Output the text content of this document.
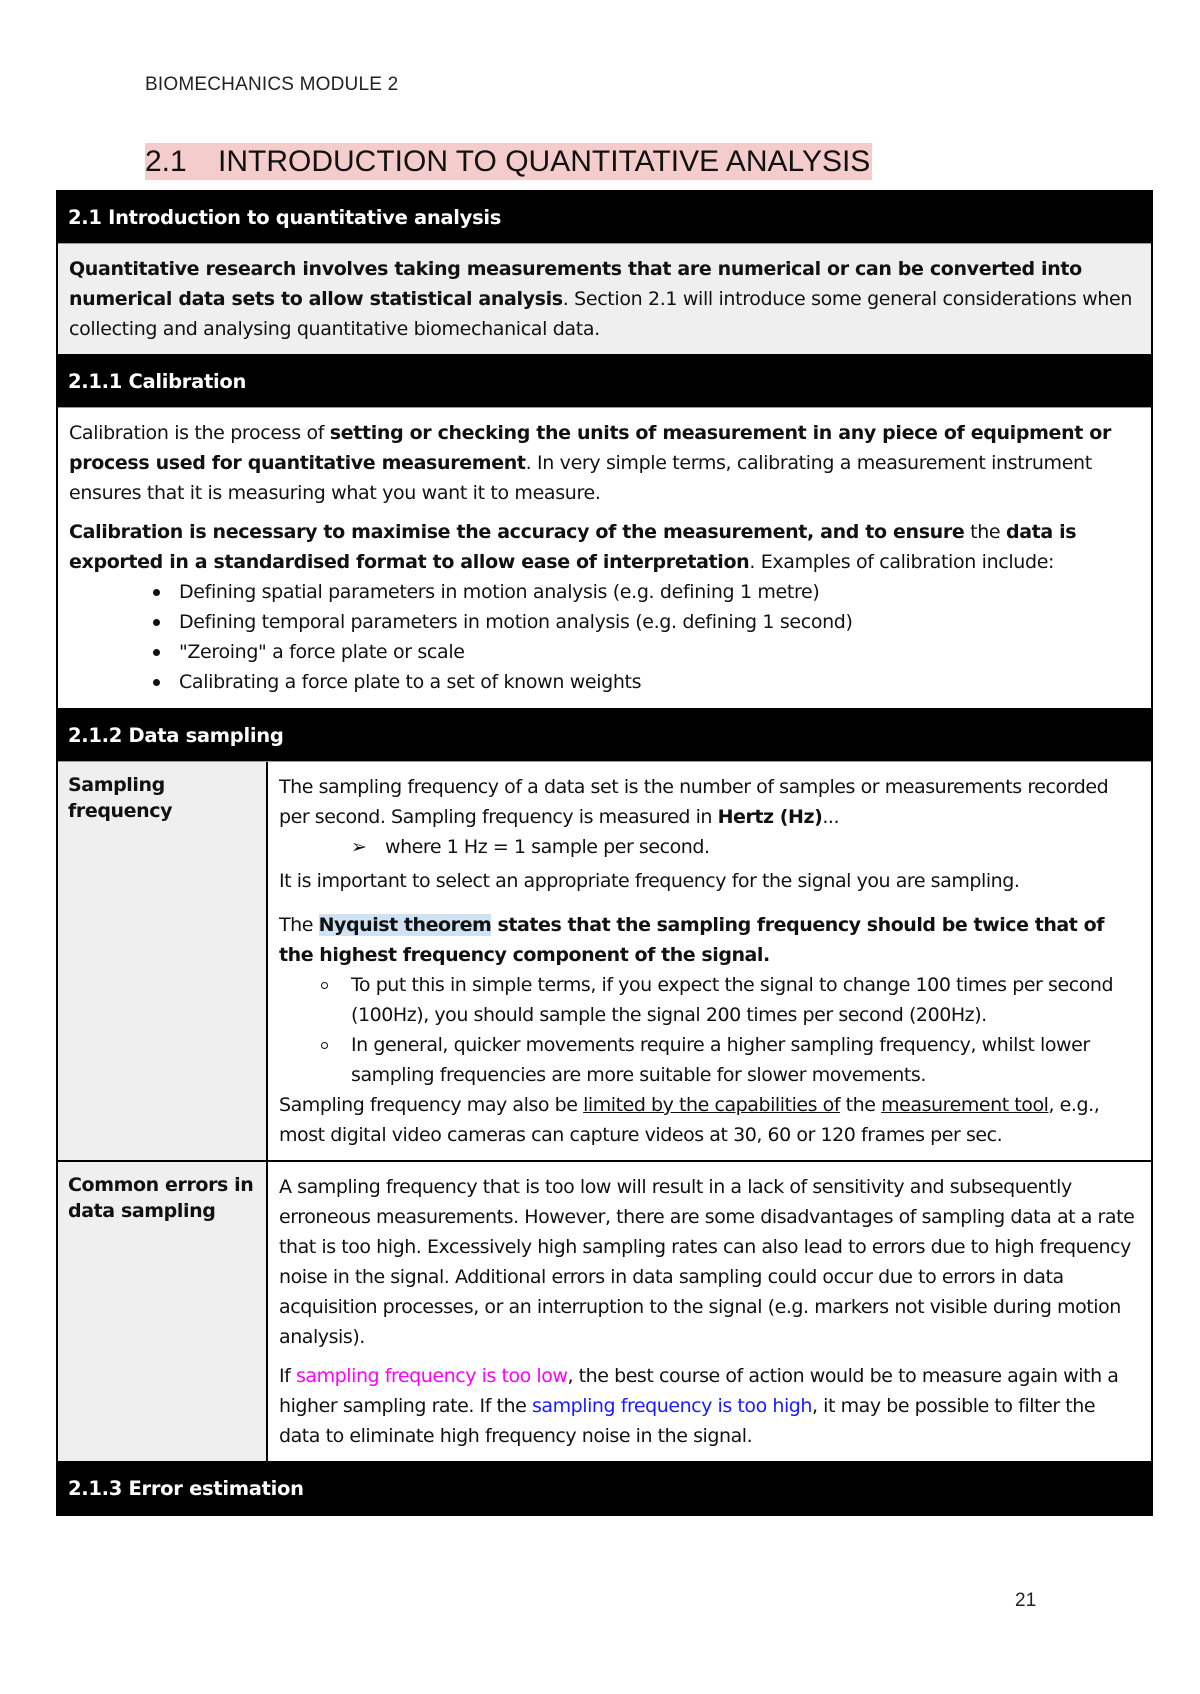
BIOMECHANICS MODULE 2
2.1 INTRODUCTION TO QUANTITATIVE ANALYSIS
2.1 Introduction to quantitative analysis

Quantitative research involves taking measurements that are numerical or can be converted into numerical data sets to allow statistical analysis. Section 2.1 will introduce some general considerations when collecting and analysing quantitative biomechanical data.

2.1.1 Calibration

Calibration is the process of setting or checking the units of measurement in any piece of equipment or process used for quantitative measurement. In very simple terms, calibrating a measurement instrument ensures that it is measuring what you want it to measure.

Calibration is necessary to maximise the accuracy of the measurement, and to ensure the data is exported in a standardised format to allow ease of interpretation. Examples of calibration include:

Defining spatial parameters in motion analysis (e.g. defining 1 metre)
Defining temporal parameters in motion analysis (e.g. defining 1 second)
"Zeroing" a force plate or scale
Calibrating a force plate to a set of known weights
2.1.2 Data sampling
Sampling frequency

The sampling frequency of a data set is the number of samples or measurements recorded per second. Sampling frequency is measured in Hertz (Hz)...

➢ where 1 Hz = 1 sample per second.

It is important to select an appropriate frequency for the signal you are sampling.

The Nyquist theorem states that the sampling frequency should be twice that of the highest frequency component of the signal.

To put this in simple terms, if you expect the signal to change 100 times per second (100Hz), you should sample the signal 200 times per second (200Hz).
In general, quicker movements require a higher sampling frequency, whilst lower sampling frequencies are more suitable for slower movements.

Sampling frequency may also be limited by the capabilities of the measurement tool, e.g., most digital video cameras can capture videos at 30, 60 or 120 frames per sec.

Common errors in data sampling

A sampling frequency that is too low will result in a lack of sensitivity and subsequently erroneous measurements. However, there are some disadvantages of sampling data at a rate that is too high. Excessively high sampling rates can also lead to errors due to high frequency noise in the signal. Additional errors in data sampling could occur due to errors in data acquisition processes, or an interruption to the signal (e.g. markers not visible during motion analysis).

If sampling frequency is too low, the best course of action would be to measure again with a higher sampling rate. If the sampling frequency is too high, it may be possible to filter the data to eliminate high frequency noise in the signal.

2.1.3 Error estimation
21
